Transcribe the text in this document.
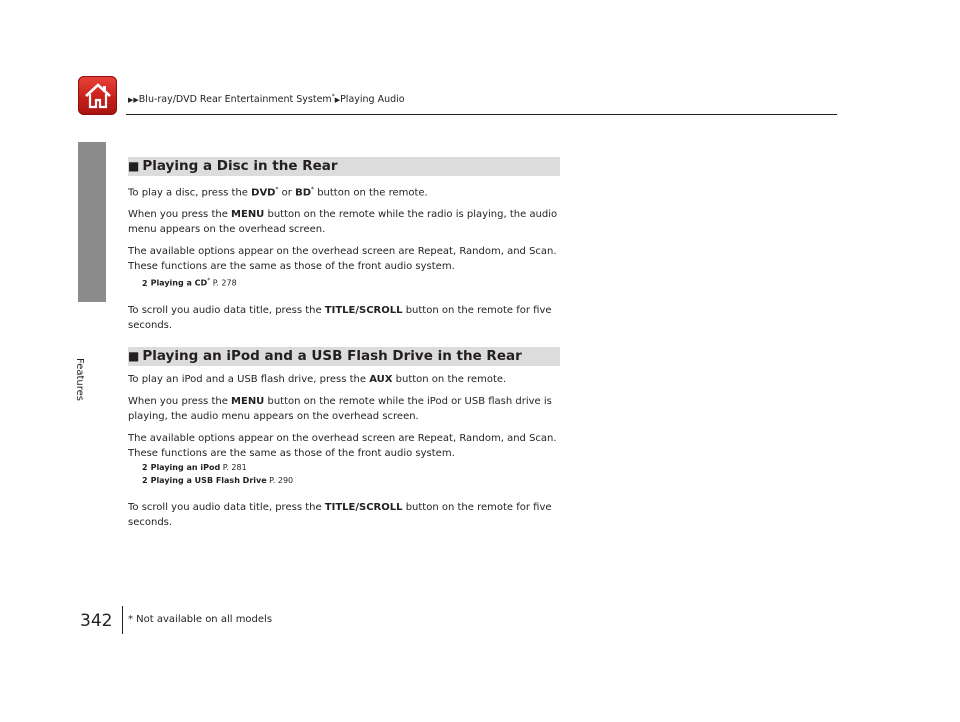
▶▶Blu-ray/DVD Rear Entertainment System*▶Playing Audio
Features
■ Playing a Disc in the Rear

To play a disc, press the DVD* or BD* button on the remote.

When you press the MENU button on the remote while the radio is playing, the audio menu appears on the overhead screen.

The available options appear on the overhead screen are Repeat, Random, and Scan. These functions are the same as those of the front audio system.

2 Playing a CD* P. 278

To scroll you audio data title, press the TITLE/SCROLL button on the remote for five seconds.

■ Playing an iPod and a USB Flash Drive in the Rear

To play an iPod and a USB flash drive, press the AUX button on the remote.

When you press the MENU button on the remote while the iPod or USB flash drive is playing, the audio menu appears on the overhead screen.

The available options appear on the overhead screen are Repeat, Random, and Scan. These functions are the same as those of the front audio system.

2 Playing an iPod P. 281
2 Playing a USB Flash Drive P. 290

To scroll you audio data title, press the TITLE/SCROLL button on the remote for five seconds.

342 * Not available on all models
